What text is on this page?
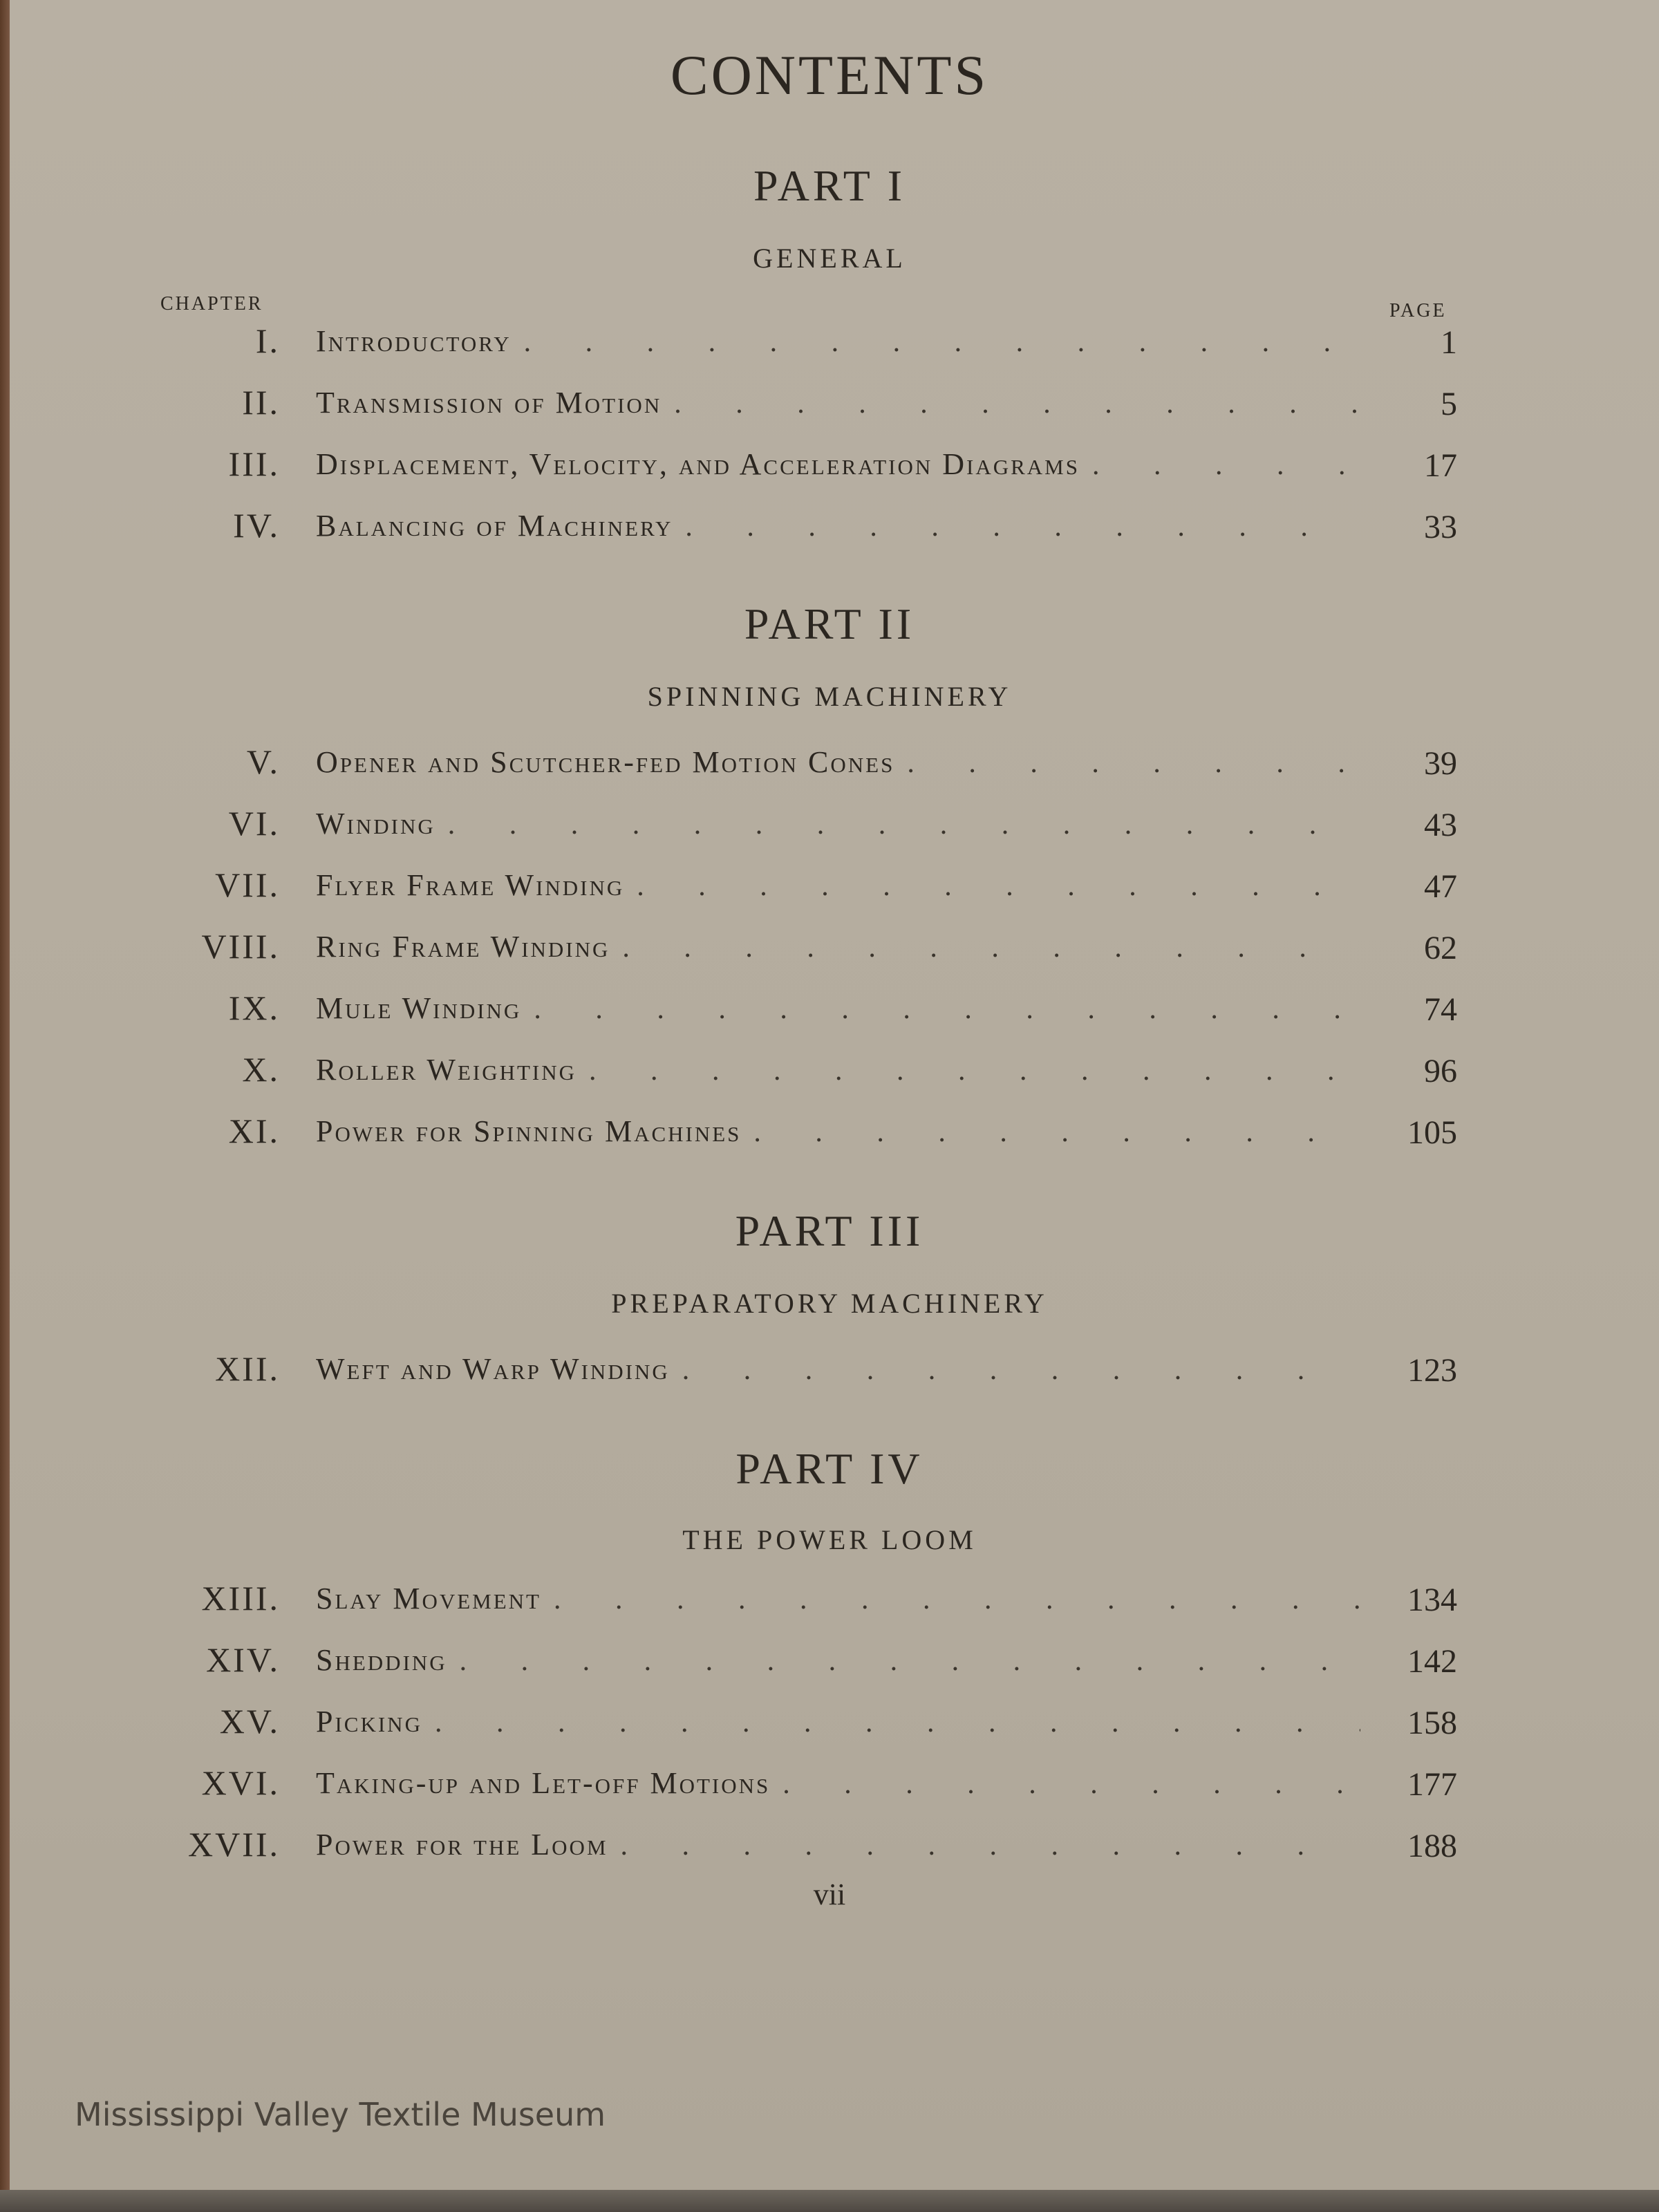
CONTENTS
PART I
GENERAL
CHAPTER	PAGE
I. Introductory . . .	1
II. Transmission of Motion . . .	5
III. Displacement, Velocity, and Acceleration Diagrams . . .	17
IV. Balancing of Machinery . . .	33
PART II
SPINNING MACHINERY
V. Opener and Scutcher-fed Motion Cones . . .	39
VI. Winding . . .	43
VII. Flyer Frame Winding . . .	47
VIII. Ring Frame Winding . . .	62
IX. Mule Winding . . .	74
X. Roller Weighting . . .	96
XI. Power for Spinning Machines . . .	105
PART III
PREPARATORY MACHINERY
XII. Weft and Warp Winding . . .	123
PART IV
THE POWER LOOM
XIII. Slay Movement . . .	134
XIV. Shedding . . .	142
XV. Picking . . .	158
XVI. Taking-up and Let-off Motions . . .	177
XVII. Power for the Loom . . .	188
vii
Mississippi Valley Textile Museum
